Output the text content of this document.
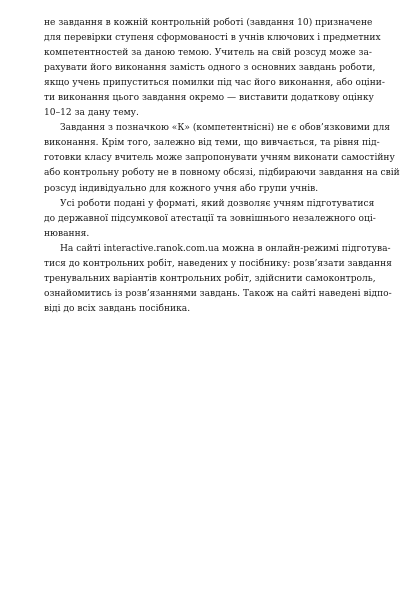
не завдання в кожній контрольній роботі (завдання 10) призначене
для перевірки ступеня сформованості в учнів ключових і предметних
компетентностей за даною темою. Учитель на свій розсуд може за-
рахувати його виконання замість одного з основних завдань роботи,
якщо учень припуститься помилки під час його виконання, або оціни-
ти виконання цього завдання окремо — виставити додаткову оцінку
10–12 за дану тему.
Завдання з позначкою «К» (компетентнісні) не є обов’язковими для
виконання. Крім того, залежно від теми, що вивчається, та рівня під-
готовки класу вчитель може запропонувати учням виконати самостійну
або контрольну роботу не в повному обсязі, підбираючи завдання на свій
розсуд індивідуально для кожного учня або групи учнів.
Усі роботи подані у форматі, який дозволяє учням підготуватися
до державної підсумкової атестації та зовнішнього незалежного оці-
нювання.
На сайті interactive.ranok.com.ua можна в онлайн-режимі підготува-
тися до контрольних робіт, наведених у посібнику: розв’язати завдання
тренувальних варіантів контрольних робіт, здійснити самоконтроль,
ознайомитись із розв’язаннями завдань. Також на сайті наведені відпо-
віді до всіх завдань посібника.
